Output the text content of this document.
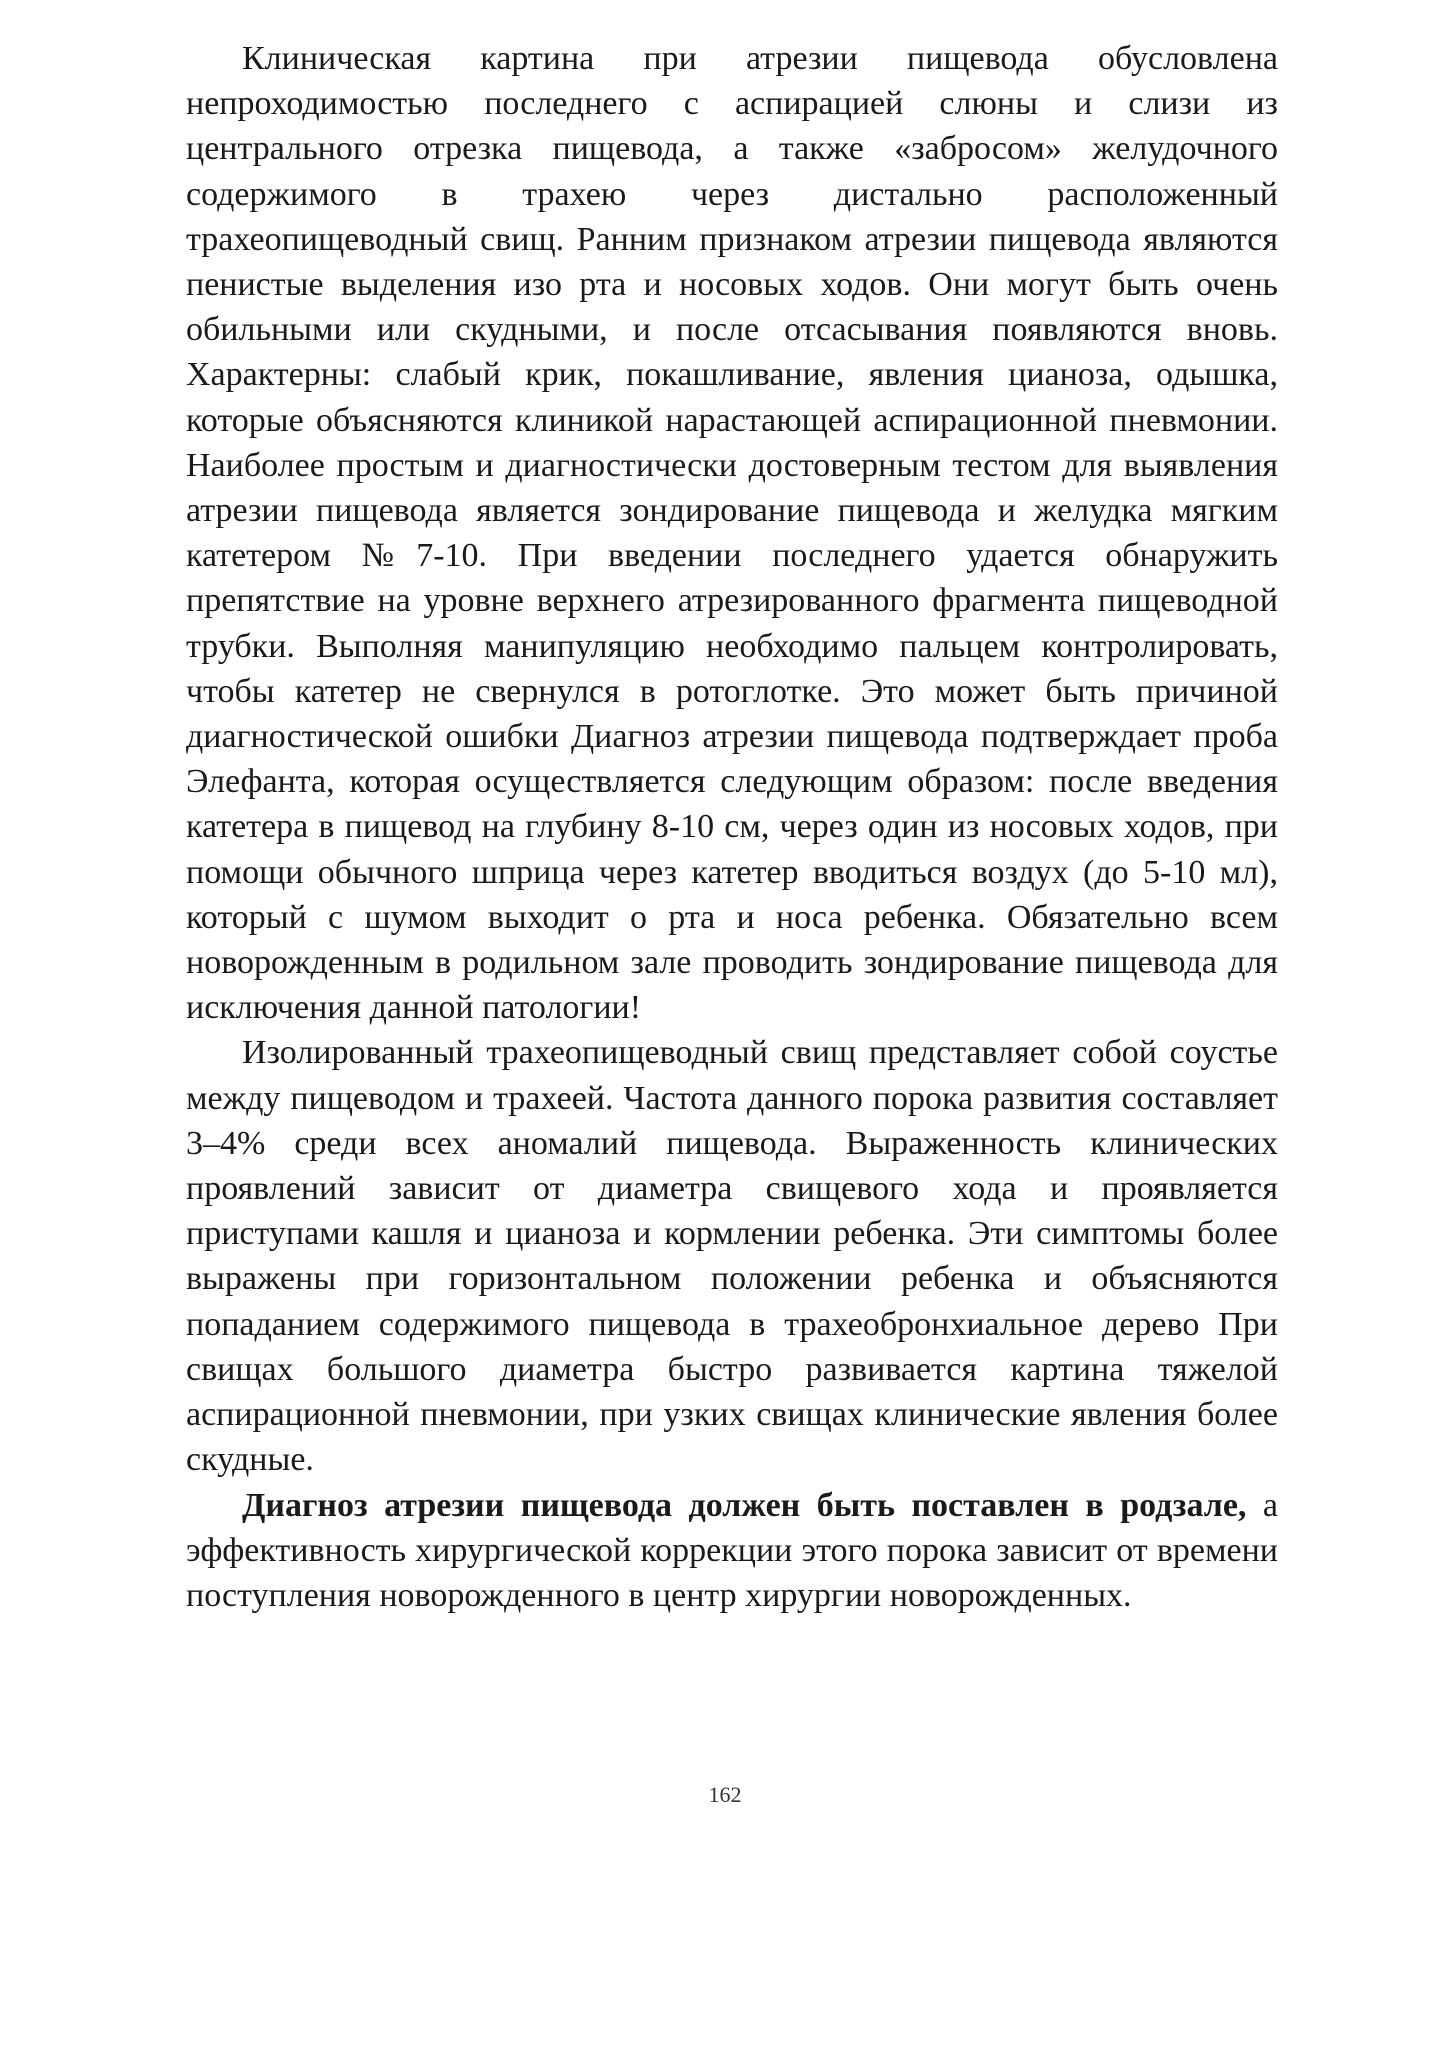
Клиническая картина при атрезии пищевода обусловлена непроходимостью последнего с аспирацией слюны и слизи из центрального отрезка пищевода, а также «забросом» желудочного содержимого в трахею через дистально расположенный трахеопищеводный свищ. Ранним признаком атрезии пищевода являются пенистые выделения изо рта и носовых ходов. Они могут быть очень обильными или скудными, и после отсасывания появляются вновь. Характерны: слабый крик, покашливание, явления цианоза, одышка, которые объясняются клиникой нарастающей аспирационной пневмонии. Наиболее простым и диагностически достоверным тестом для выявления атрезии пищевода является зондирование пищевода и желудка мягким катетером №7-10. При введении последнего удается обнаружить препятствие на уровне верхнего атрезированного фрагмента пищеводной трубки. Выполняя манипуляцию необходимо пальцем контролировать, чтобы катетер не свернулся в ротоглотке. Это может быть причиной диагностической ошибки Диагноз атрезии пищевода подтверждает проба Элефанта, которая осуществляется следующим образом: после введения катетера в пищевод на глубину 8-10 см, через один из носовых ходов, при помощи обычного шприца через катетер вводиться воздух (до 5-10 мл), который с шумом выходит о рта и носа ребенка. Обязательно всем новорожденным в родильном зале проводить зондирование пищевода для исключения данной патологии!

Изолированный трахеопищеводный свищ представляет собой соустье между пищеводом и трахеей. Частота данного порока развития составляет 3–4% среди всех аномалий пищевода. Выраженность клинических проявлений зависит от диаметра свищевого хода и проявляется приступами кашля и цианоза и кормлении ребенка. Эти симптомы более выражены при горизонтальном положении ребенка и объясняются попаданием содержимого пищевода в трахеобронхиальное дерево При свищах большого диаметра быстро развивается картина тяжелой аспирационной пневмонии, при узких свищах клинические явления более скудные.

Диагноз атрезии пищевода должен быть поставлен в родзале, а эффективность хирургической коррекции этого порока зависит от времени поступления новорожденного в центр хирургии новорожденных.

162
